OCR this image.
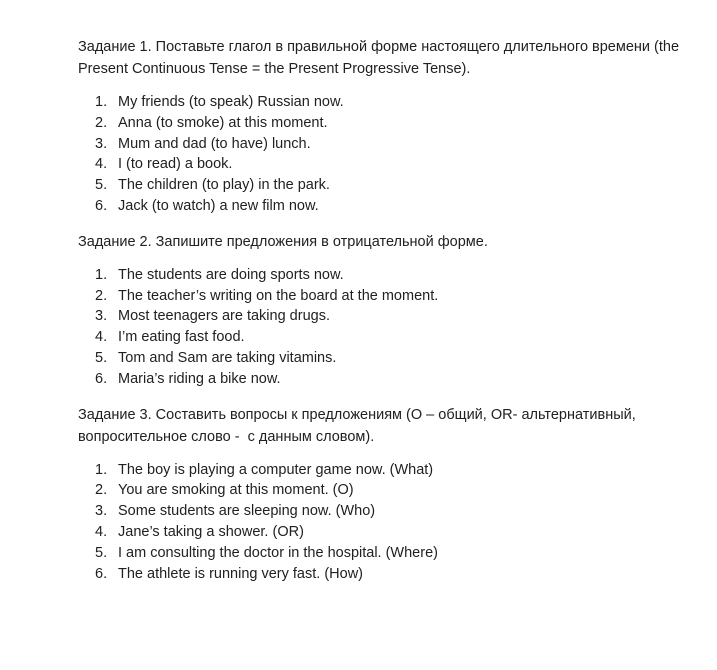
Задание 1. Поставьте глагол в правильной форме настоящего длительного времени (the Present Continuous Tense = the Present Progressive Tense).

My friends (to speak) Russian now.
Anna (to smoke) at this moment.
Mum and dad (to have) lunch.
I (to read) a book.
The children (to play) in the park.
Jack (to watch) a new film now.

Задание 2. Запишите предложения в отрицательной форме.

The students are doing sports now.
The teacher’s writing on the board at the moment.
Most teenagers are taking drugs.
I’m eating fast food.
Tom and Sam are taking vitamins.
Maria’s riding a bike now.

Задание 3. Составить вопросы к предложениям (О – общий, OR- альтернативный, вопросительное слово -  с данным словом).

The boy is playing a computer game now. (What)
You are smoking at this moment. (O)
Some students are sleeping now. (Who)
Jane’s taking a shower. (OR)
I am consulting the doctor in the hospital. (Where)
The athlete is running very fast. (How)
